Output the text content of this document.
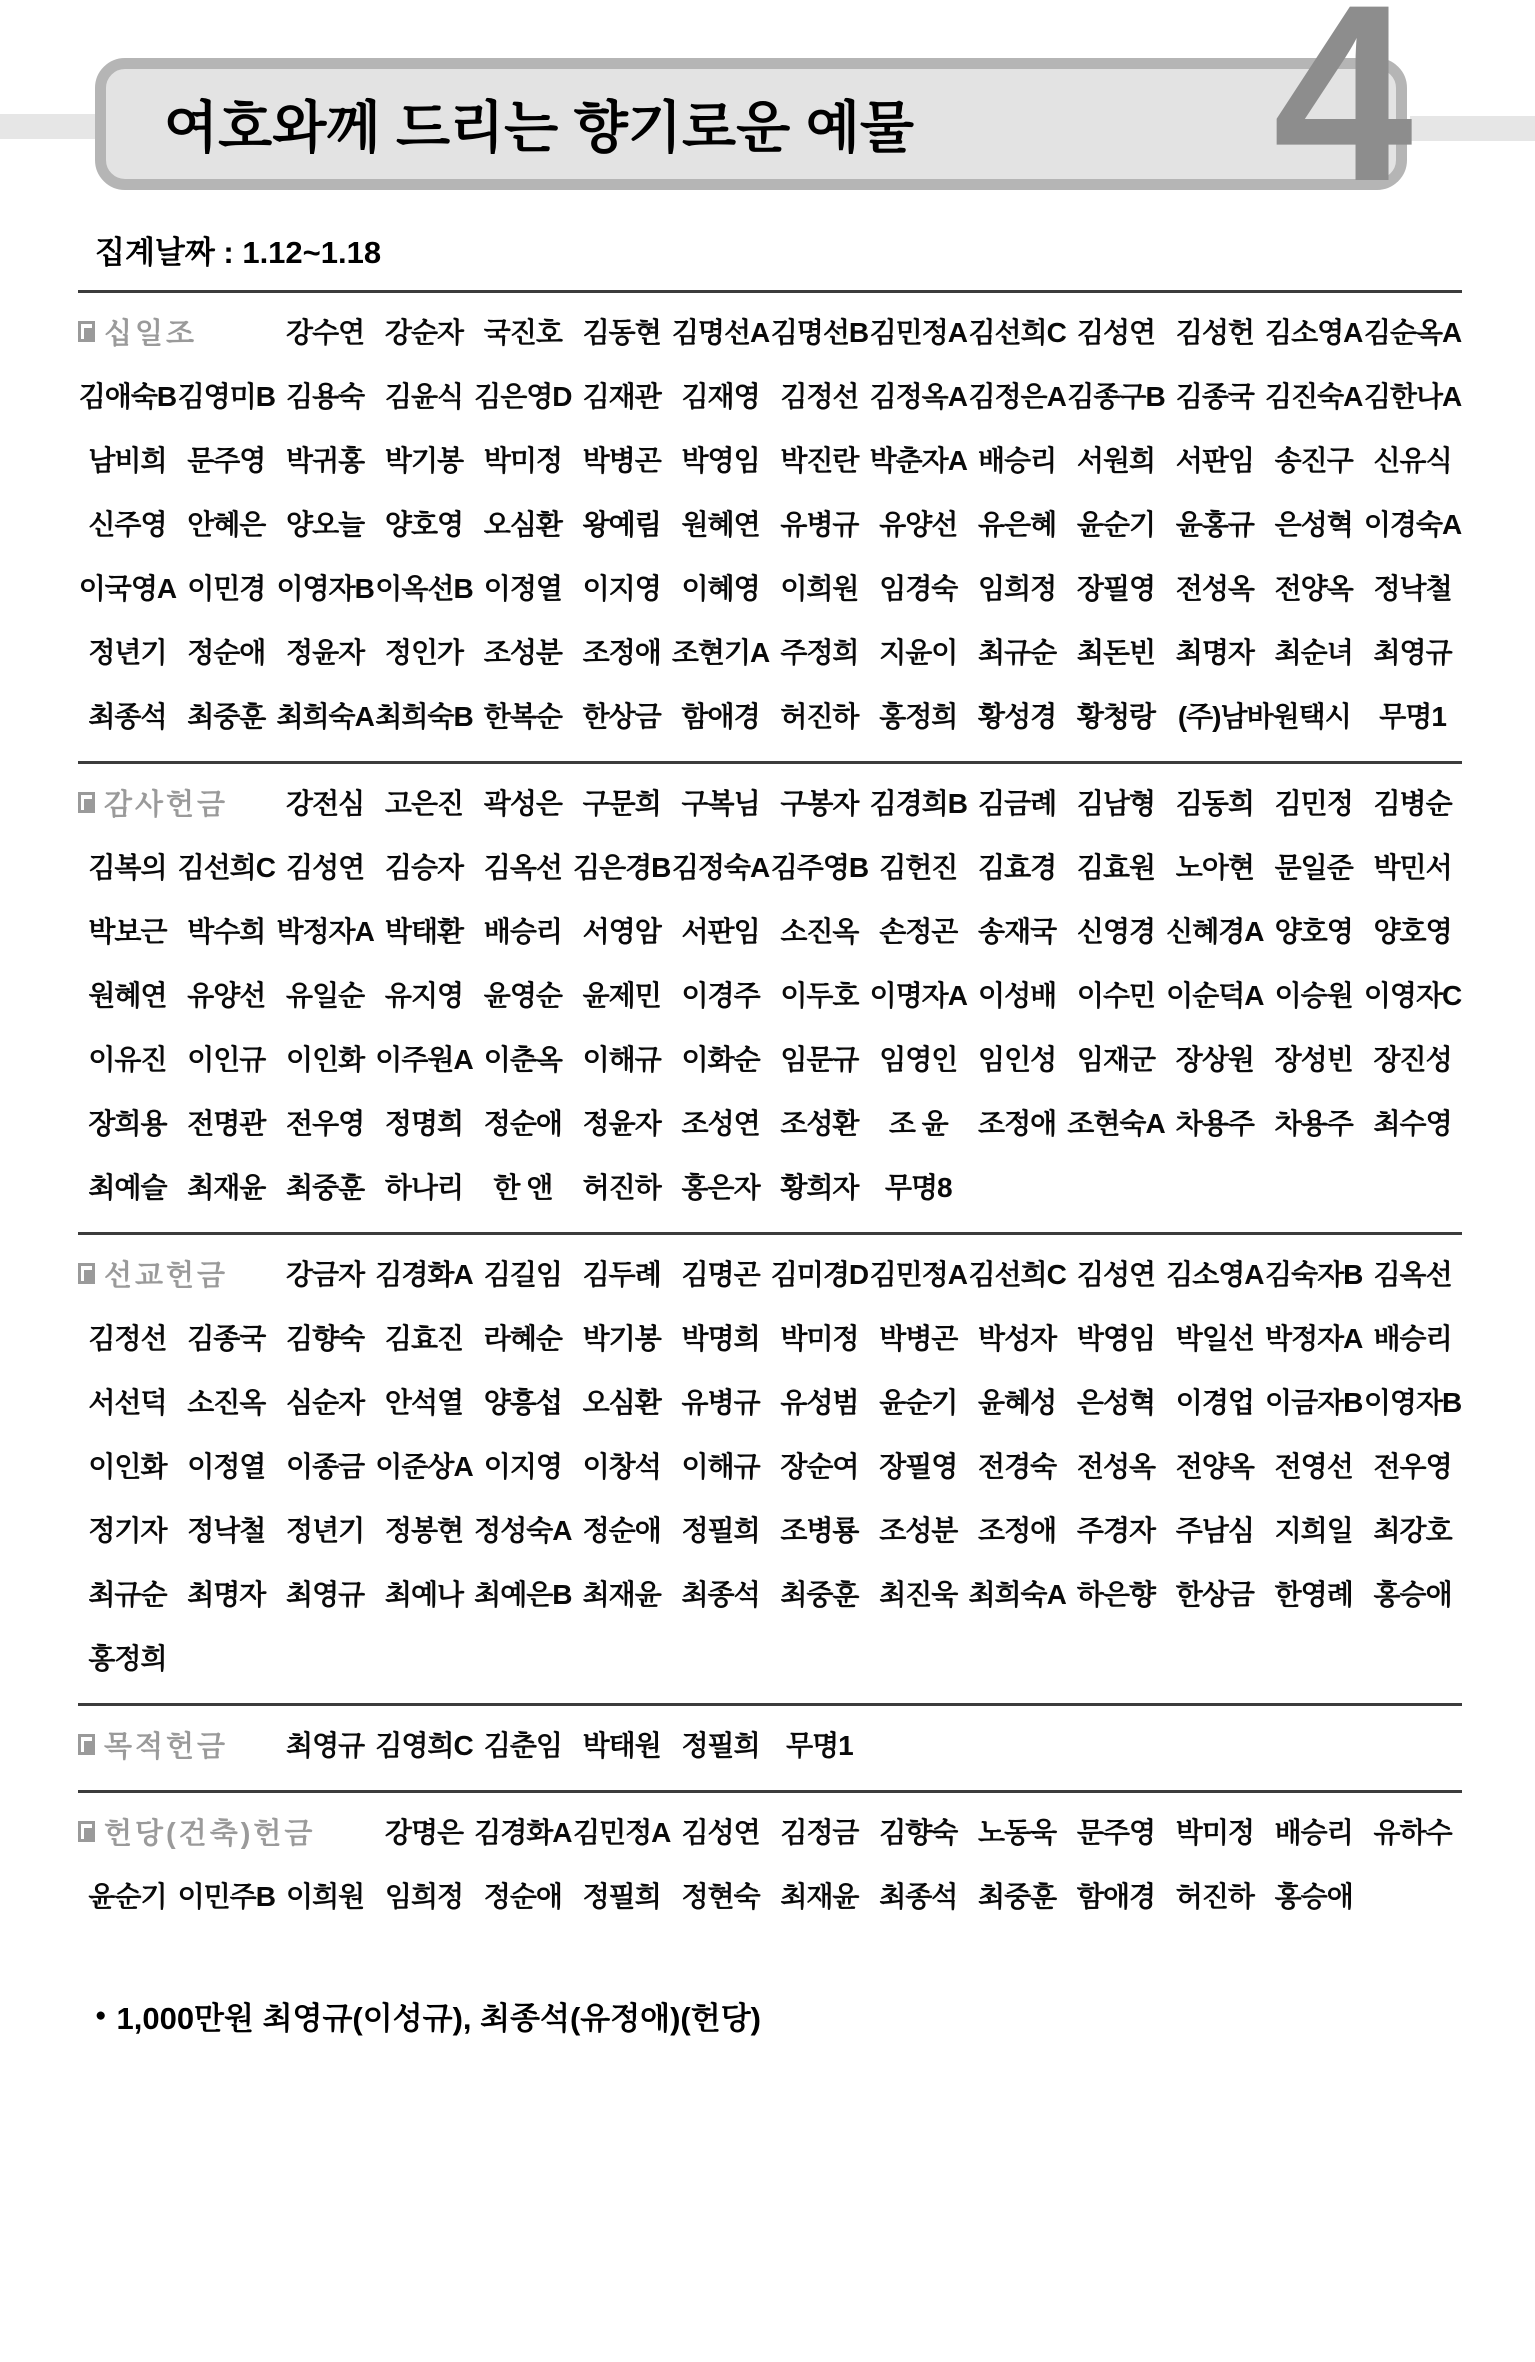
여호와께 드리는 향기로운 예물 4
집계날짜 : 1.12~1.18
십일조	강수연 강순자 국진호 김동현 김명선A 김명선B 김민정A 김선희C 김성연 김성헌 김소영A 김순옥A
김애숙B 김영미B 김용숙 김윤식 김은영D 김재관 김재영 김정선 김정옥A 김정은A 김종구B 김종국 김진숙A 김한나A
남비희 문주영 박귀홍 박기봉 박미정 박병곤 박영임 박진란 박춘자A 배승리 서원희 서판임 송진구 신유식
신주영 안혜은 양오늘 양호영 오심환 왕예림 원혜연 유병규 유양선 유은혜 윤순기 윤홍규 은성혁 이경숙A
이국영A 이민경 이영자B 이옥선B 이정열 이지영 이혜영 이희원 임경숙 임희정 장필영 전성옥 전양옥 정낙철
정년기 정순애 정윤자 정인가 조성분 조정애 조현기A 주정희 지윤이 최규순 최돈빈 최명자 최순녀 최영규
최종석 최중훈 최희숙A 최희숙B 한복순 한상금 함애경 허진하 홍정희 황성경 황청랑 (주)남바원택시	무명1
감사헌금	강전심 고은진 곽성은 구문희 구복님 구봉자 김경희B 김금례 김남형 김동희 김민정 김병순
김복의 김선희C 김성연 김승자 김옥선 김은경B 김정숙A 김주영B 김헌진 김효경 김효원 노아현 문일준 박민서
박보근 박수희 박정자A 박태환 배승리 서영암 서판임 소진옥 손정곤 송재국 신영경 신혜경A 양호영 양호영
원혜연 유양선 유일순 유지영 윤영순 윤제민 이경주 이두호 이명자A 이성배 이수민 이순덕A 이승원 이영자C
이유진 이인규 이인화 이주원A 이춘옥 이해규 이화순 임문규 임영인 임인성 임재군 장상원 장성빈 장진성
장희용 전명관 전우영 정명희 정순애 정윤자 조성연 조성환	조 윤	조정애 조현숙A 차용주 차용주 최수영
최예슬 최재윤 최중훈 하나리	한 앤	허진하 홍은자 황희자 무명8
선교헌금	강금자 김경화A 김길임 김두례 김명곤 김미경D 김민정A 김선희C 김성연 김소영A 김숙자B 김옥선
김정선 김종국 김향숙 김효진 라혜순 박기봉 박명희 박미정 박병곤 박성자 박영임 박일선 박정자A 배승리
서선덕 소진옥 심순자 안석열 양흥섭 오심환 유병규 유성범 윤순기 윤혜성 은성혁 이경업 이금자B 이영자B
이인화 이정열 이종금 이준상A 이지영 이창석 이해규 장순여 장필영 전경숙 전성옥 전양옥 전영선 전우영
정기자 정낙철 정년기 정봉현 정성숙A 정순애 정필희 조병룡 조성분 조정애 주경자 주남심 지희일 최강호
최규순 최명자 최영규 최예나 최예은B 최재윤 최종석 최중훈 최진욱 최희숙A 하은향 한상금 한영례 홍승애
홍정희
목적헌금	최영규 김영희C 김춘임 박태원 정필희 무명1
헌당(건축)헌금	강명은 김경화A 김민정A 김성연 김정금 김향숙 노동욱 문주영 박미정 배승리 유하수
윤순기 이민주B 이희원 임희정 정순애 정필희 정현숙 최재윤 최종석 최중훈 함애경 허진하 홍승애
● 1,000만원 최영규(이성규), 최종석(유정애)(헌당)
